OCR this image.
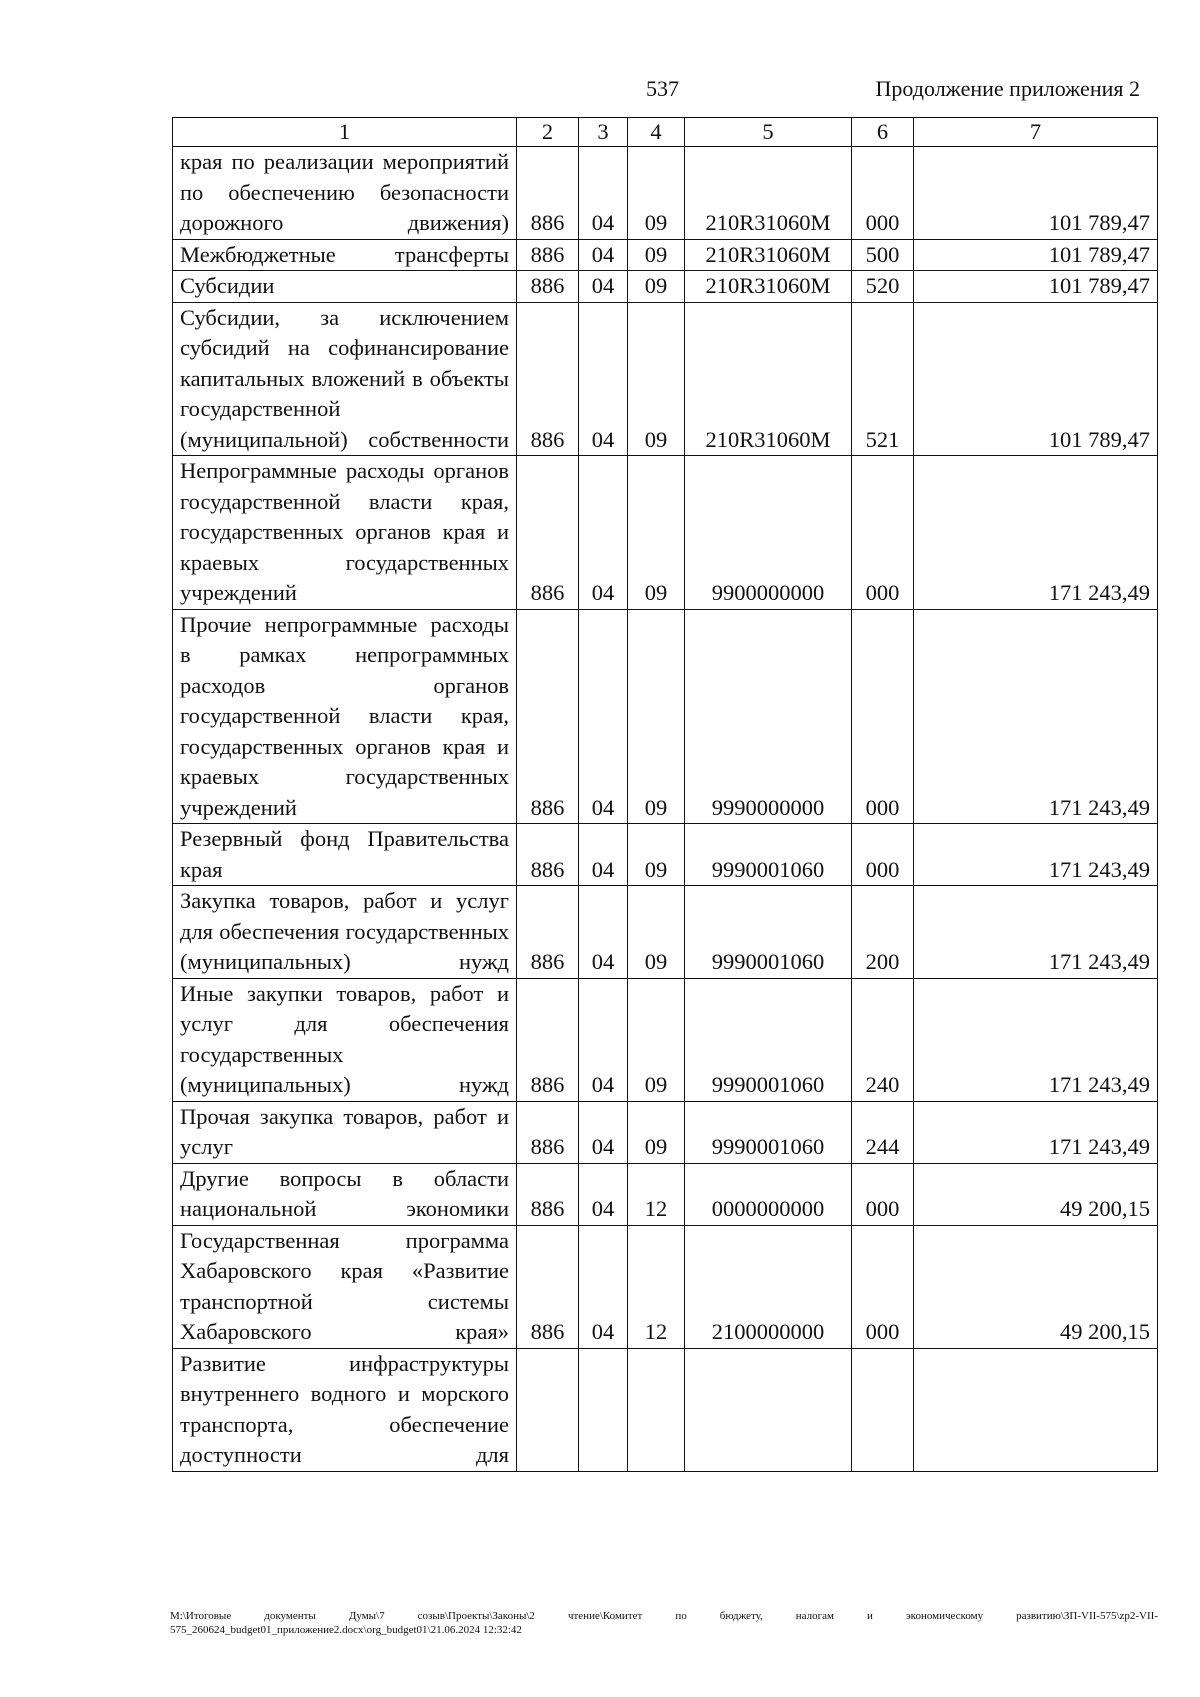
537	Продолжение приложения 2
1	2	3	4	5	6	7
края по реализации мероприятий по обеспечению безопасности дорожного движения)	886	04	09	210R31060M	000	101 789,47
Межбюджетные трансферты	886	04	09	210R31060M	500	101 789,47
Субсидии	886	04	09	210R31060M	520	101 789,47
Субсидии, за исключением субсидий на софинансирование капитальных вложений в объекты государственной (муниципальной) собственности	886	04	09	210R31060M	521	101 789,47
Непрограммные расходы органов государственной власти края, государственных органов края и краевых государственных учреждений	886	04	09	9900000000	000	171 243,49
Прочие непрограммные расходы в рамках непрограммных расходов органов государственной власти края, государственных органов края и краевых государственных учреждений	886	04	09	9990000000	000	171 243,49
Резервный фонд Правительства края	886	04	09	9990001060	000	171 243,49
Закупка товаров, работ и услуг для обеспечения государственных (муниципальных) нужд	886	04	09	9990001060	200	171 243,49
Иные закупки товаров, работ и услуг для обеспечения государственных (муниципальных) нужд	886	04	09	9990001060	240	171 243,49
Прочая закупка товаров, работ и услуг	886	04	09	9990001060	244	171 243,49
Другие вопросы в области национальной экономики	886	04	12	0000000000	000	49 200,15
Государственная программа Хабаровского края «Развитие транспортной системы Хабаровского края»	886	04	12	2100000000	000	49 200,15
Развитие инфраструктуры внутреннего водного и морского транспорта, обеспечение доступности для						
M:\Итоговые документы Думы\7 созыв\Проекты\Законы\2 чтение\Комитет по бюджету, налогам и экономическому развитию\ЗП-VII-575\zp2-VII-575_260624_budget01_приложение2.docx\org_budget01\21.06.2024 12:32:42
